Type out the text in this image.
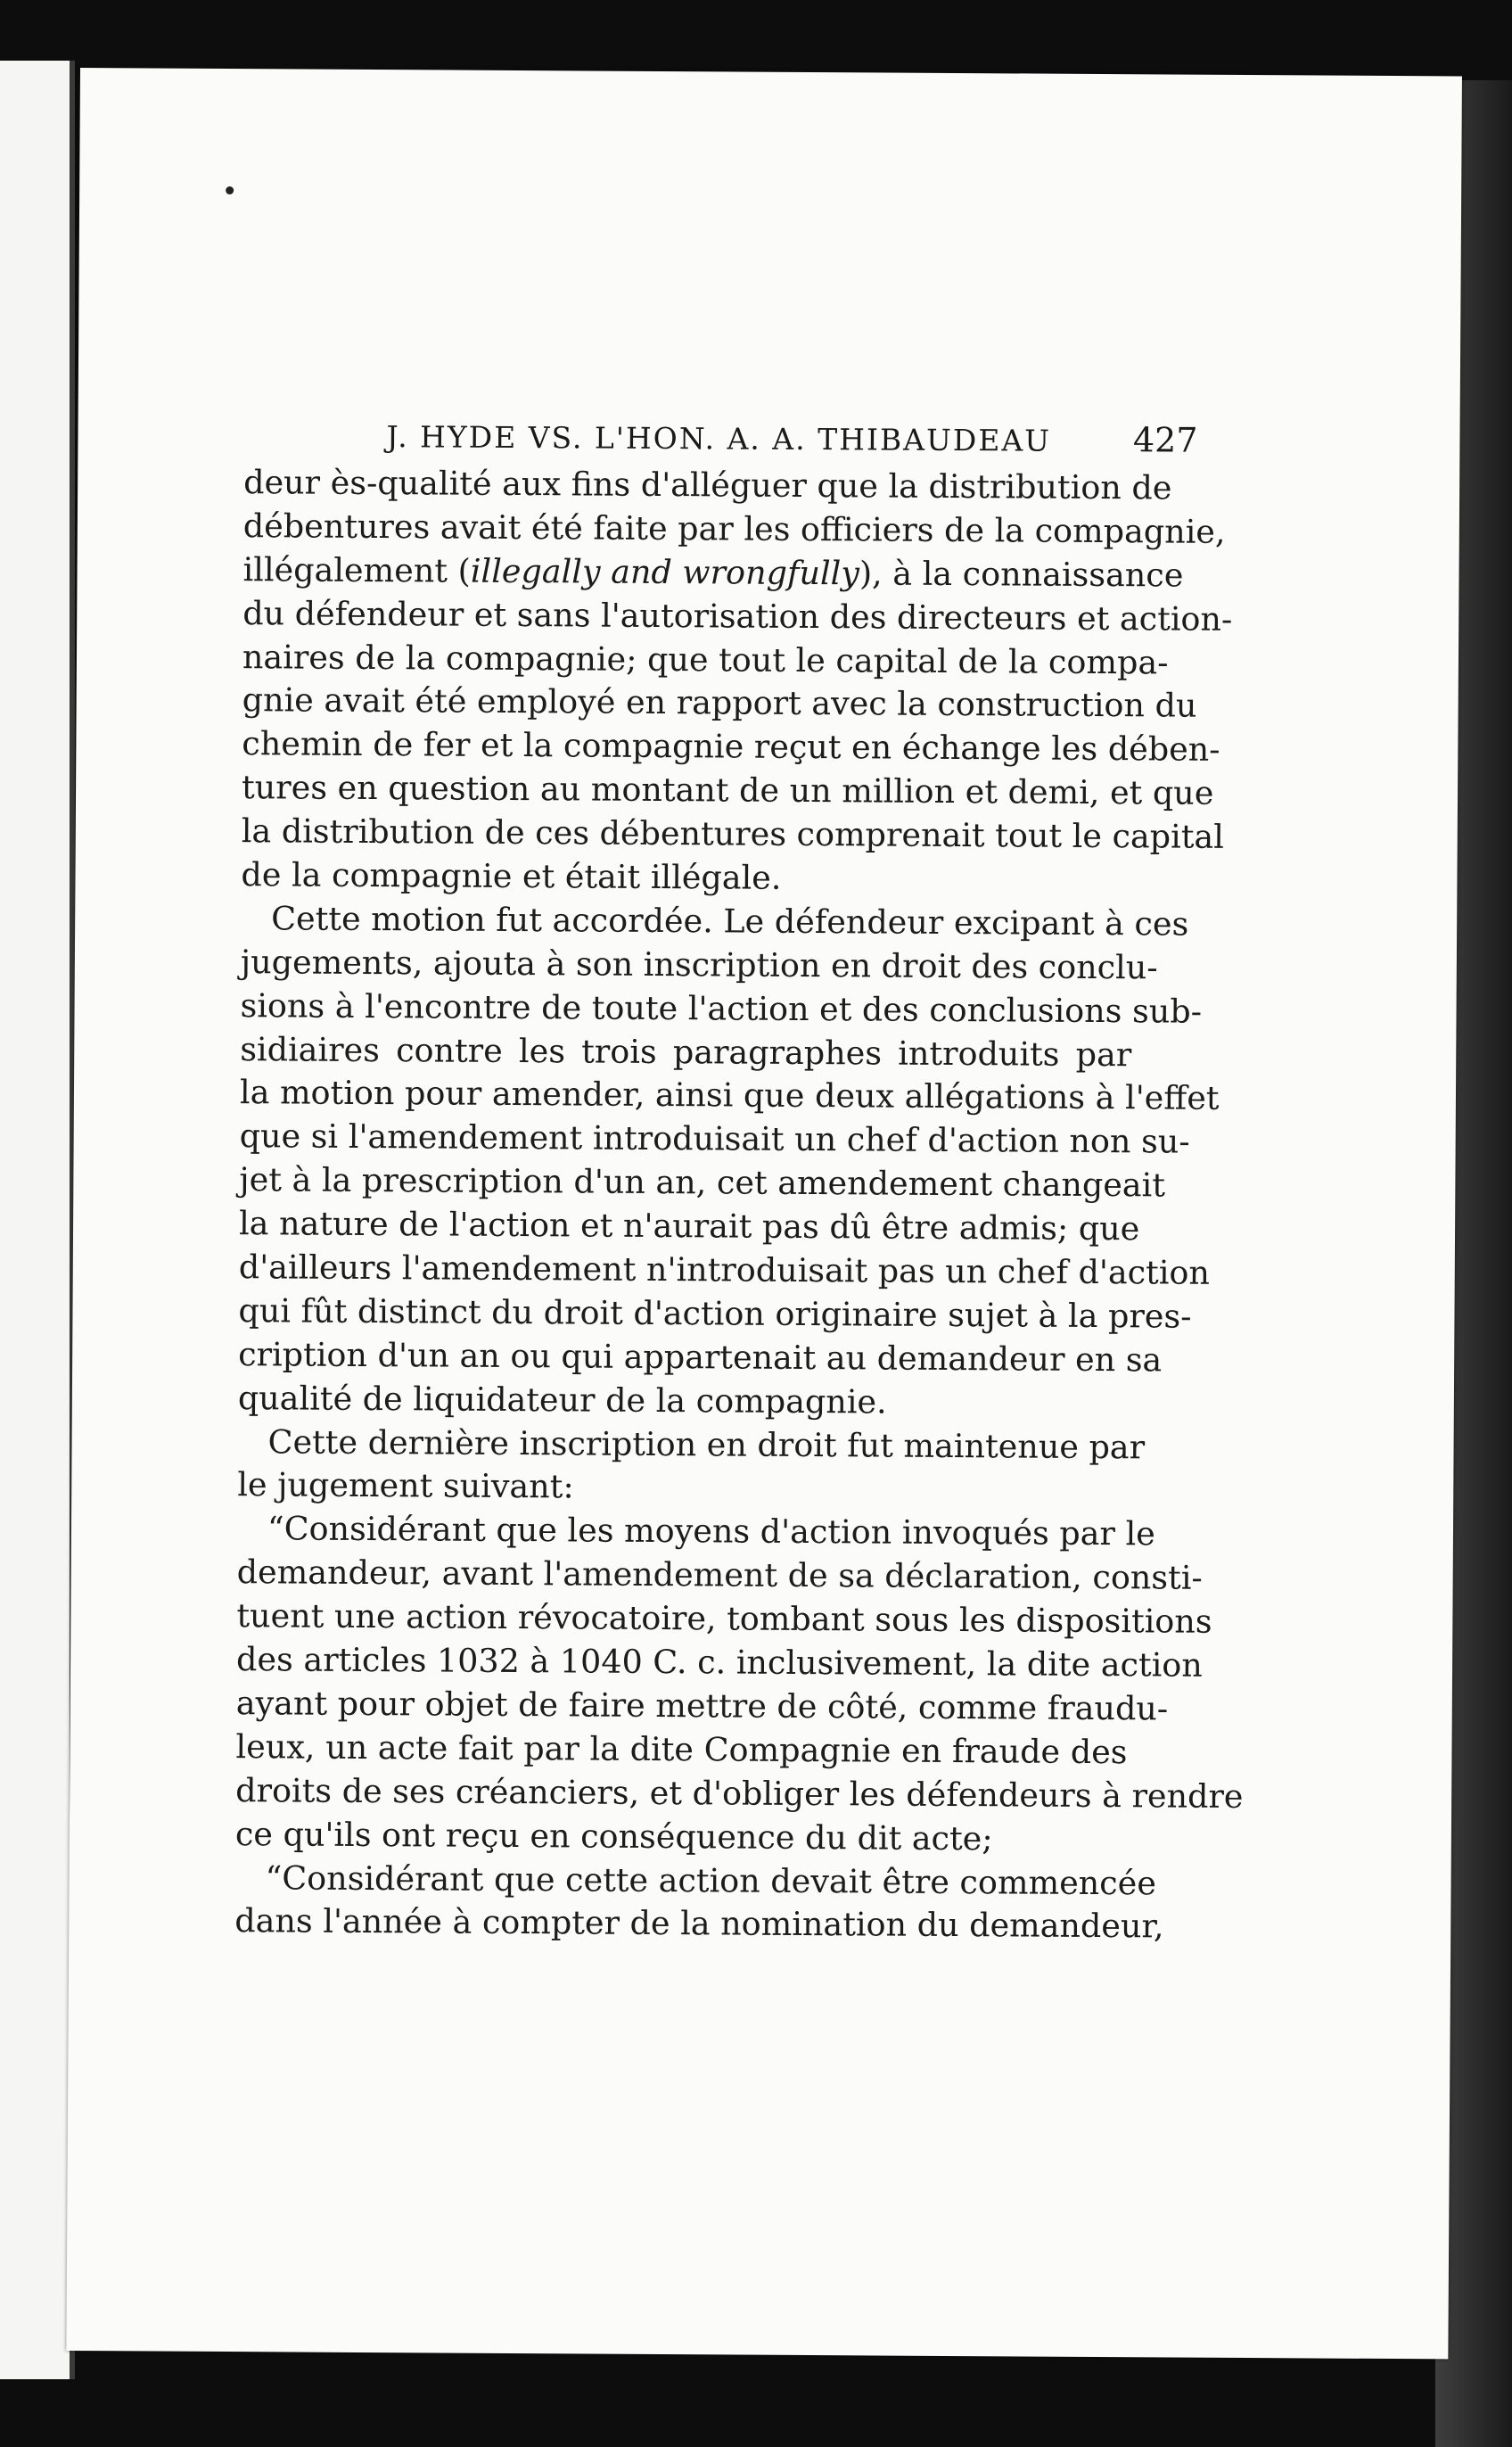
J. HYDE VS. L'HON. A. A. THIBAUDEAU 427
deur ès-qualité aux fins d'alléguer que la distribution de
débentures avait été faite par les officiers de la compagnie,
illégalement (illegally and wrongfully), à la connaissance
du défendeur et sans l'autorisation des directeurs et action-
naires de la compagnie; que tout le capital de la compa-
gnie avait été employé en rapport avec la construction du
chemin de fer et la compagnie reçut en échange les dében-
tures en question au montant de un million et demi, et que
la distribution de ces débentures comprenait tout le capital
de la compagnie et était illégale.
Cette motion fut accordée. Le défendeur excipant à ces
jugements, ajouta à son inscription en droit des conclu-
sions à l'encontre de toute l'action et des conclusions sub-
sidiaires contre les trois paragraphes introduits par
la motion pour amender, ainsi que deux allégations à l'effet
que si l'amendement introduisait un chef d'action non su-
jet à la prescription d'un an, cet amendement changeait
la nature de l'action et n'aurait pas dû être admis; que
d'ailleurs l'amendement n'introduisait pas un chef d'action
qui fût distinct du droit d'action originaire sujet à la pres-
cription d'un an ou qui appartenait au demandeur en sa
qualité de liquidateur de la compagnie.
Cette dernière inscription en droit fut maintenue par
le jugement suivant:
“Considérant que les moyens d'action invoqués par le
demandeur, avant l'amendement de sa déclaration, consti-
tuent une action révocatoire, tombant sous les dispositions
des articles 1032 à 1040 C. c. inclusivement, la dite action
ayant pour objet de faire mettre de côté, comme fraudu-
leux, un acte fait par la dite Compagnie en fraude des
droits de ses créanciers, et d'obliger les défendeurs à rendre
ce qu'ils ont reçu en conséquence du dit acte;
“Considérant que cette action devait être commencée
dans l'année à compter de la nomination du demandeur,
